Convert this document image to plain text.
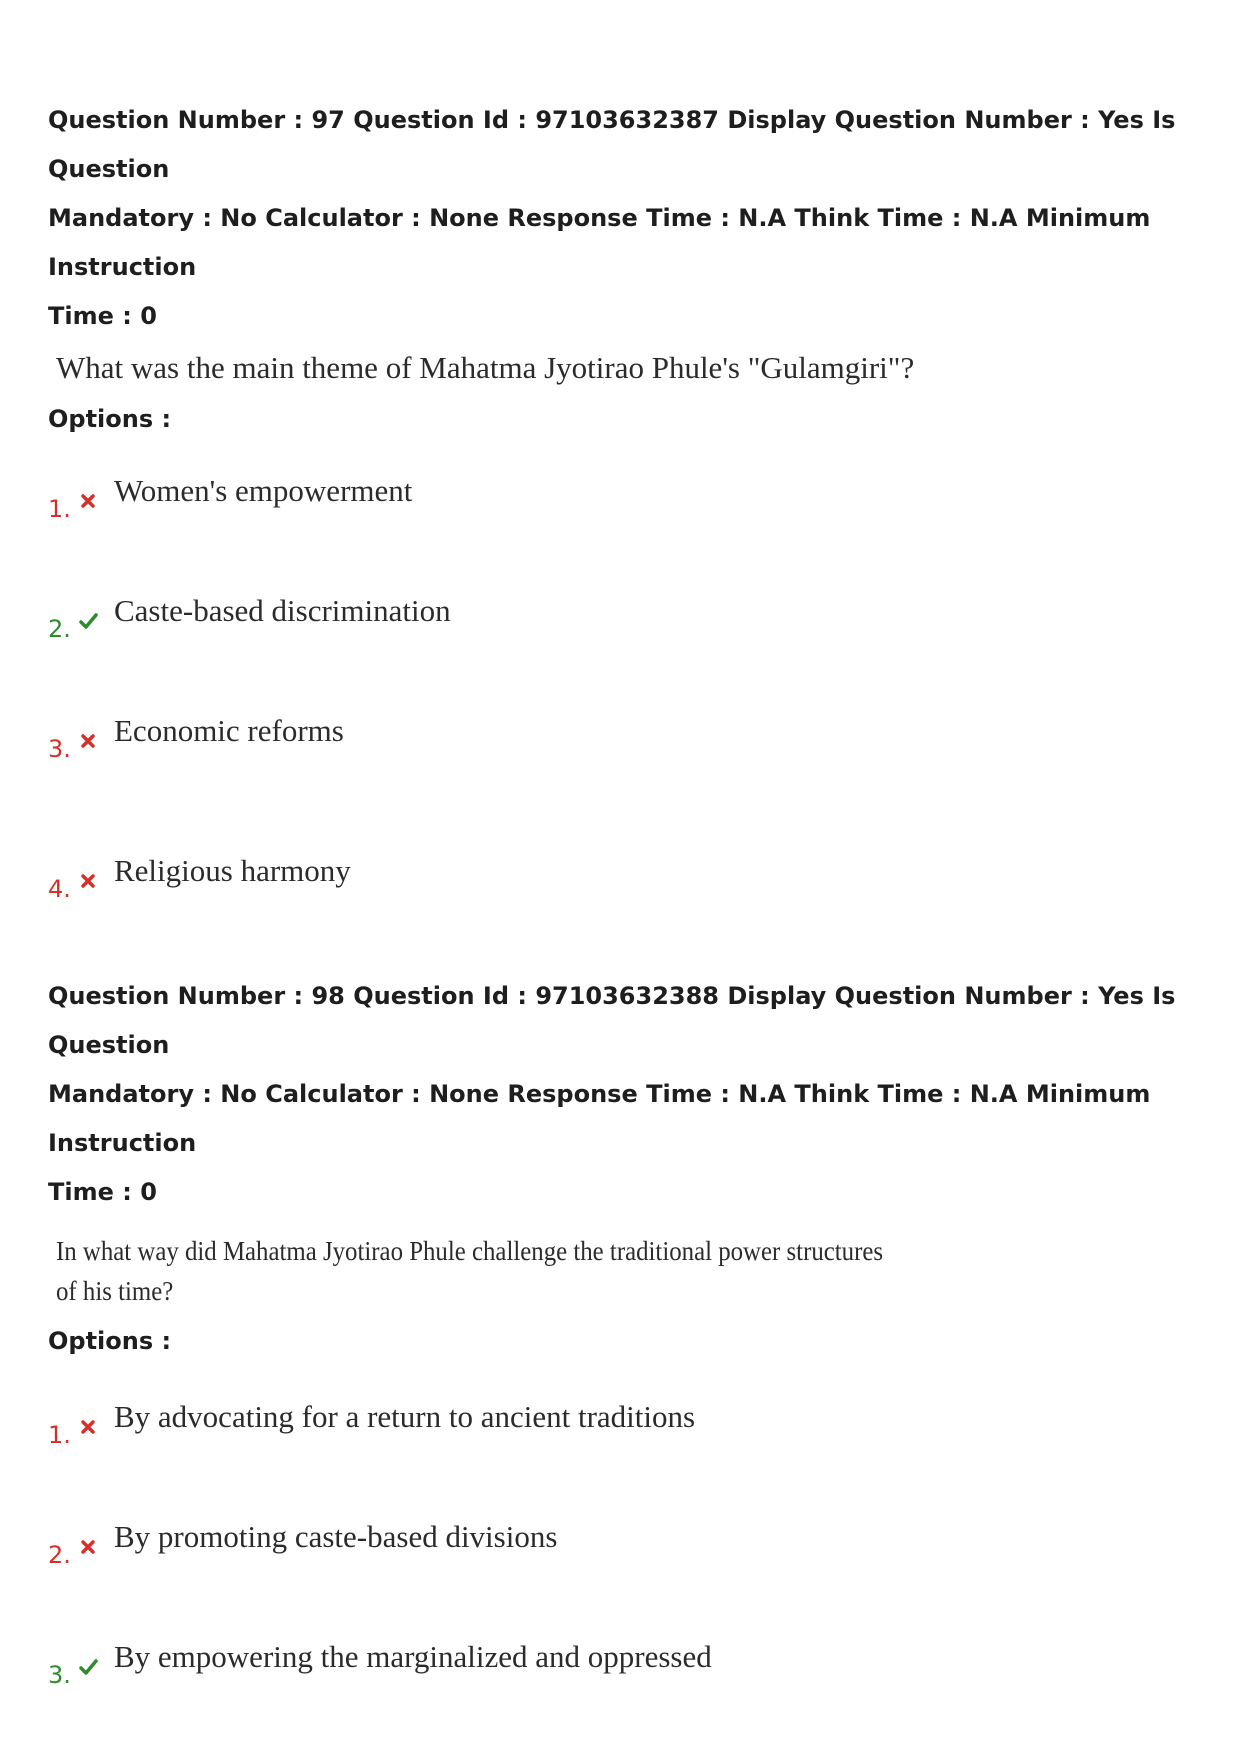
Question Number : 97 Question Id : 97103632387 Display Question Number : Yes Is Question
Mandatory : No Calculator : None Response Time : N.A Think Time : N.A Minimum Instruction
Time : 0
What was the main theme of Mahatma Jyotirao Phule's "Gulamgiri"?
Options :
1.
Women's empowerment
2.
Caste-based discrimination
3.
Economic reforms
4.
Religious harmony
Question Number : 98 Question Id : 97103632388 Display Question Number : Yes Is Question
Mandatory : No Calculator : None Response Time : N.A Think Time : N.A Minimum Instruction
Time : 0
In what way did Mahatma Jyotirao Phule challenge the traditional power structures
of his time?
Options :
1.
By advocating for a return to ancient traditions
2.
By promoting caste-based divisions
3.
By empowering the marginalized and oppressed
